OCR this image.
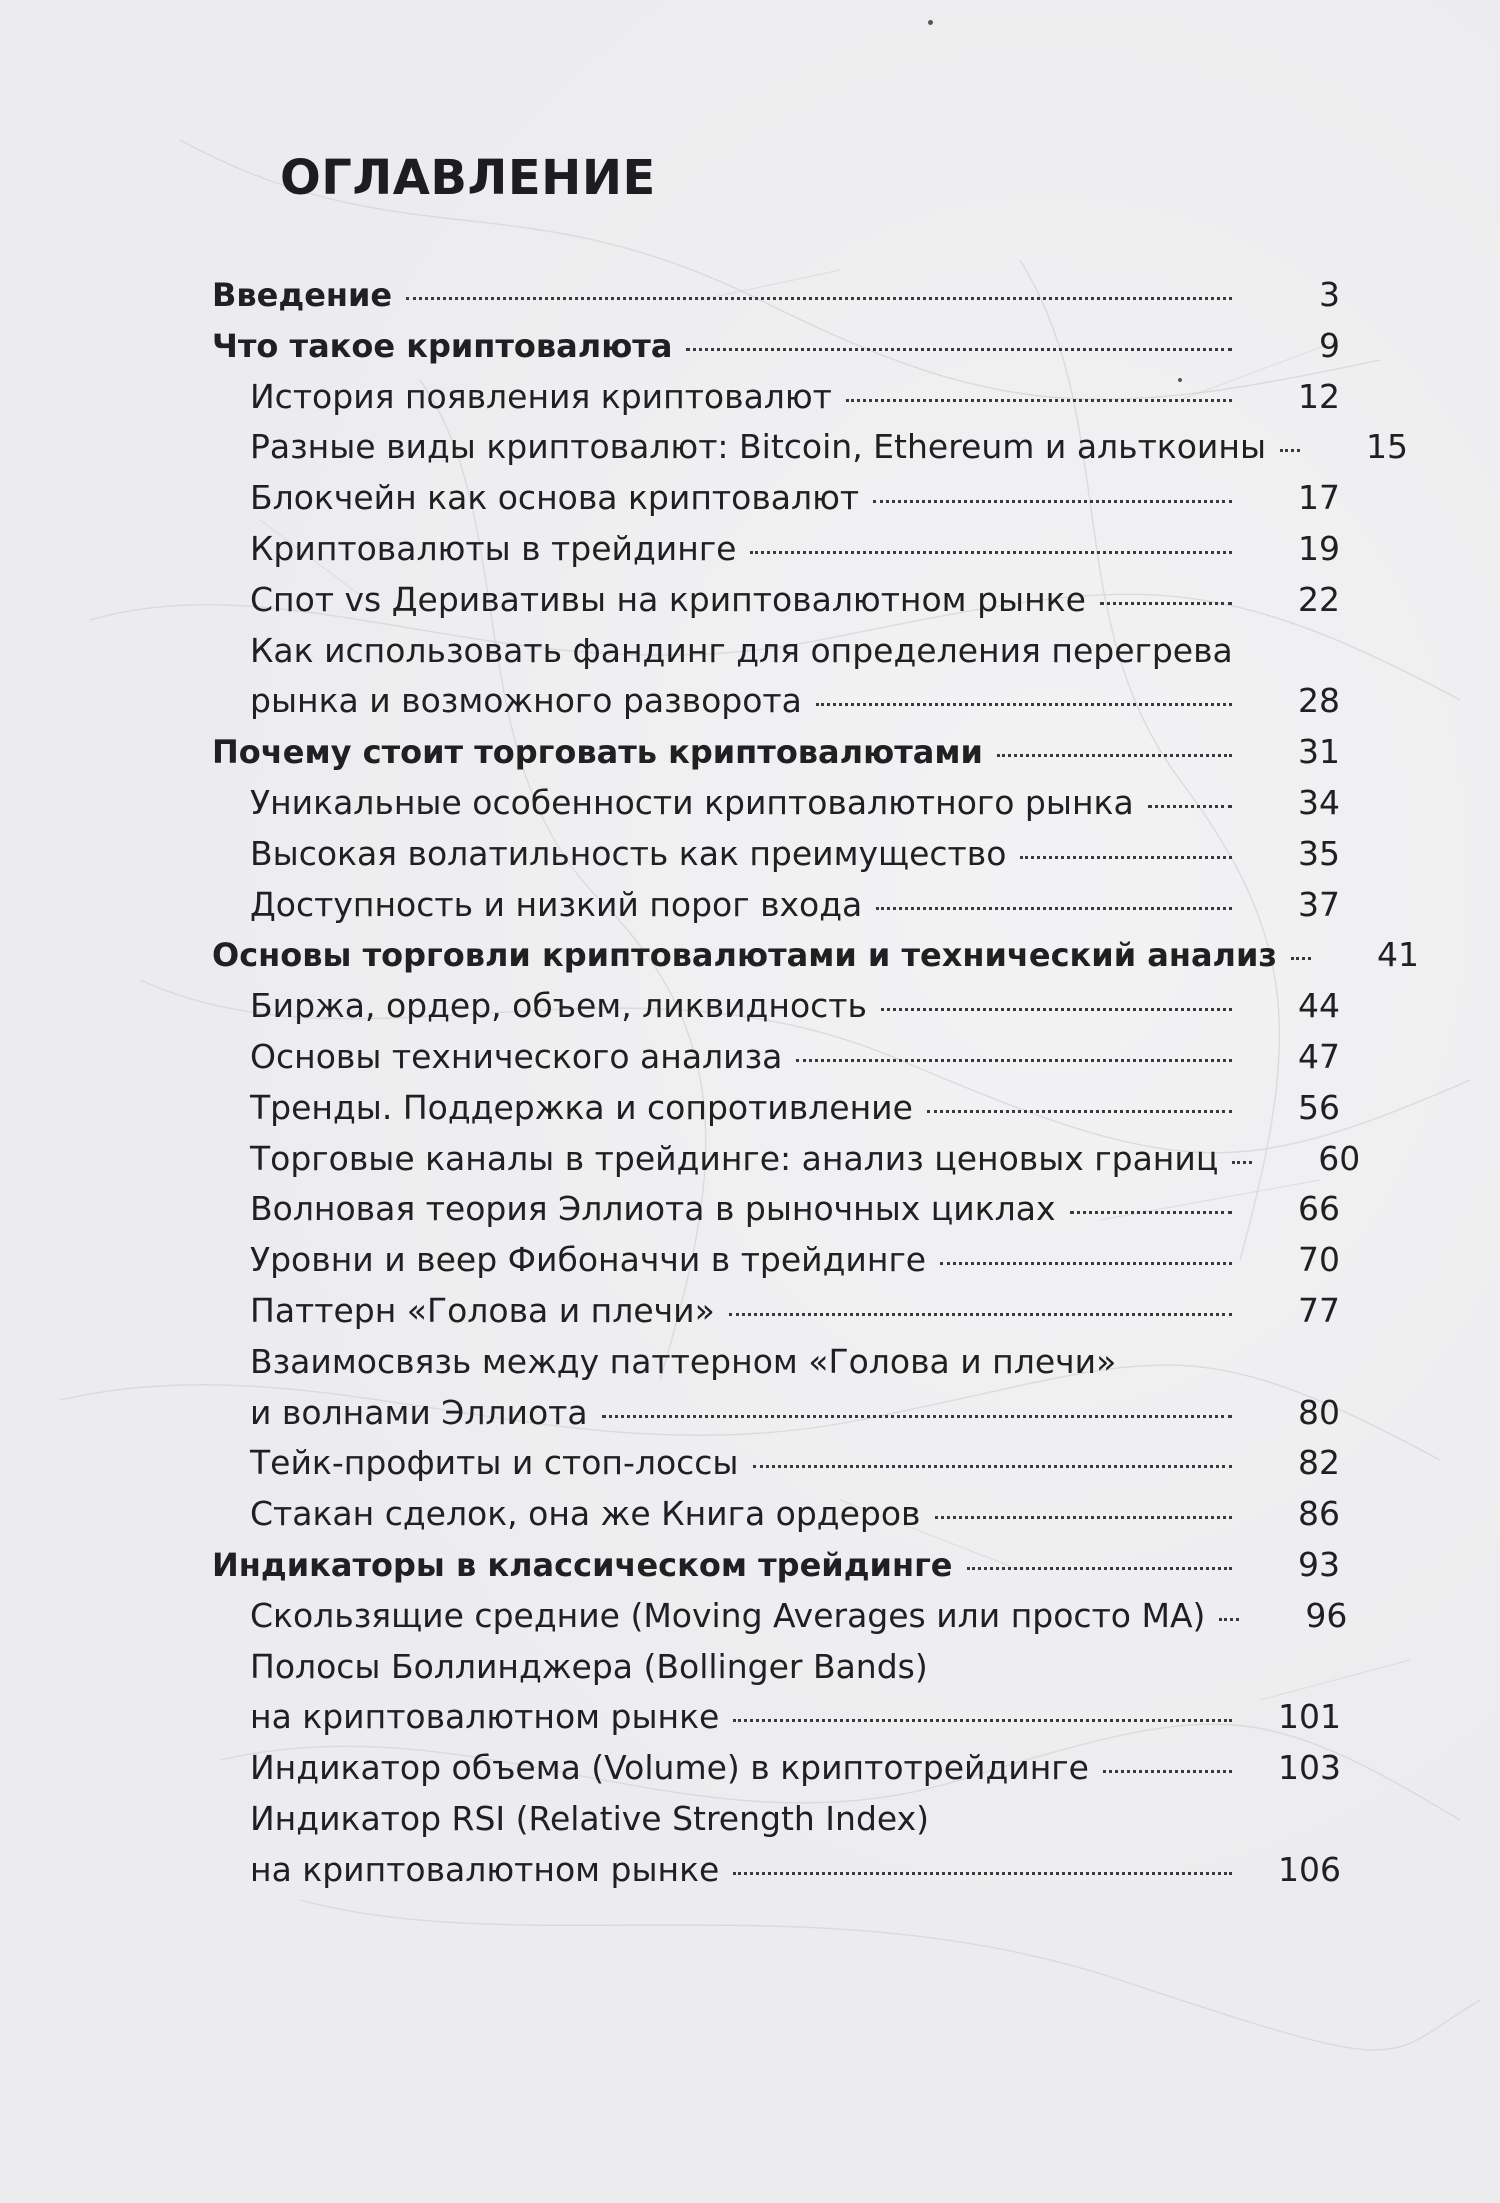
ОГЛАВЛЕНИЕ
Введение	3
Что такое криптовалюта	9
История появления криптовалют	12
Разные виды криптовалют: Bitcoin, Ethereum и альткоины	15
Блокчейн как основа криптовалют	17
Криптовалюты в трейдинге	19
Спот vs Деривативы на криптовалютном рынке	22
Как использовать фандинг для определения перегрева
рынка и возможного разворота	28
Почему стоит торговать криптовалютами	31
Уникальные особенности криптовалютного рынка	34
Высокая волатильность как преимущество	35
Доступность и низкий порог входа	37
Основы торговли криптовалютами и технический анализ	41
Биржа, ордер, объем, ликвидность	44
Основы технического анализа	47
Тренды. Поддержка и сопротивление	56
Торговые каналы в трейдинге: анализ ценовых границ	60
Волновая теория Эллиота в рыночных циклах	66
Уровни и веер Фибоначчи в трейдинге	70
Паттерн «Голова и плечи»	77
Взаимосвязь между паттерном «Голова и плечи»
и волнами Эллиота	80
Тейк-профиты и стоп-лоссы	82
Стакан сделок, она же Книга ордеров	86
Индикаторы в классическом трейдинге	93
Скользящие средние (Moving Averages или просто MA)	96
Полосы Боллинджера (Bollinger Bands)
на криптовалютном рынке	101
Индикатор объема (Volume) в криптотрейдинге	103
Индикатор RSI (Relative Strength Index)
на криптовалютном рынке	106
